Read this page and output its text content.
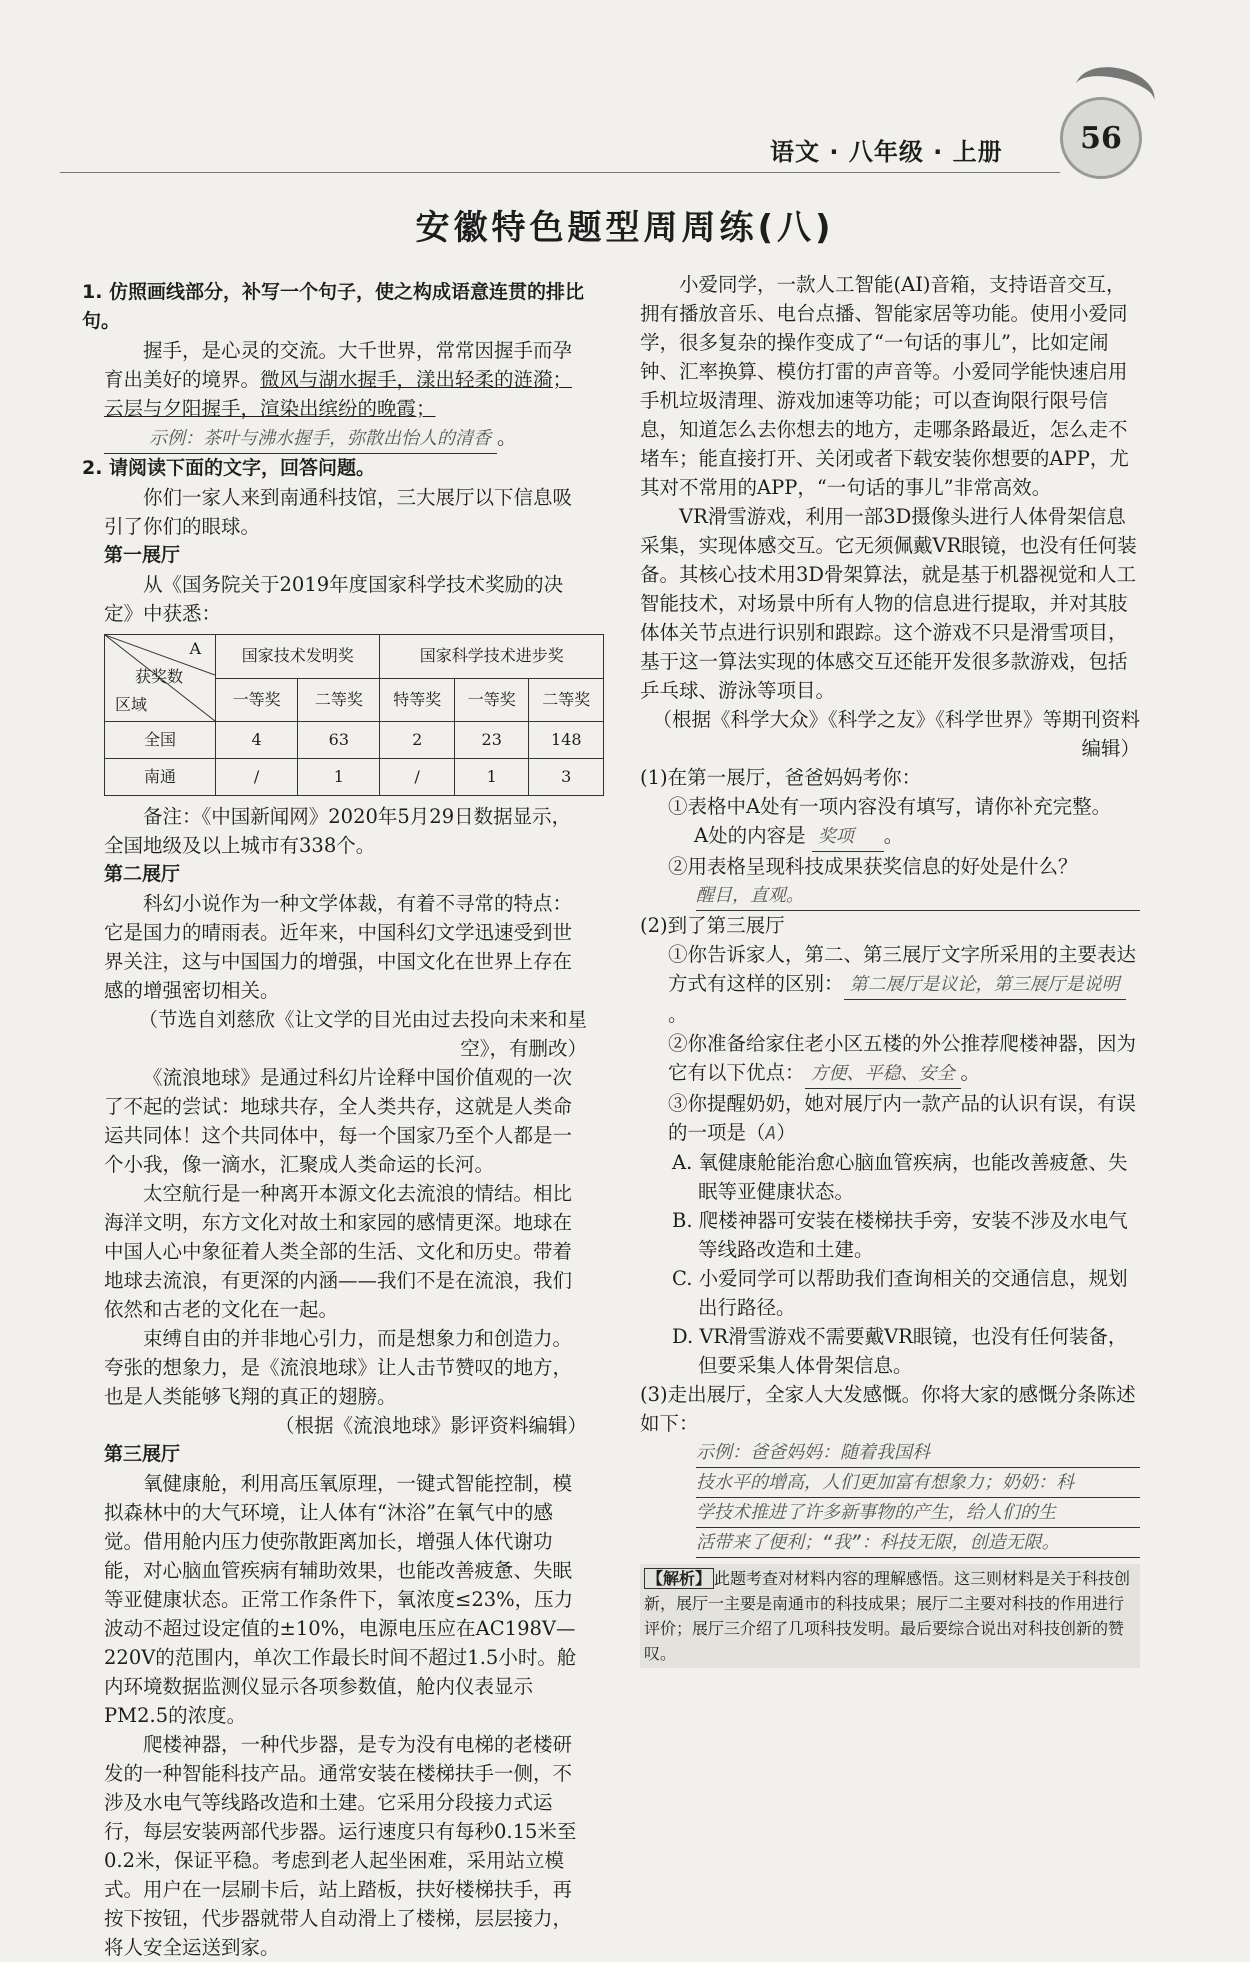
56
语文 · 八年级 · 上册
安徽特色题型周周练(八)

1. 仿照画线部分，补写一个句子，使之构成语意连贯的排比句。

握手，是心灵的交流。大千世界，常常因握手而孕育出美好的境界。微风与湖水握手，漾出轻柔的涟漪；云层与夕阳握手，渲染出缤纷的晚霞；示例：茶叶与沸水握手，弥散出怡人的清香 。

2. 请阅读下面的文字，回答问题。

你们一家人来到南通科技馆，三大展厅以下信息吸引了你们的眼球。

第一展厅

从《国务院关于2019年度国家科学技术奖励的决定》中获悉：

A
获奖数
区域	国家技术发明奖		国家科学技术进步奖		
	一等奖	二等奖	特等奖	一等奖	二等奖
全国	4	63	2	23	148
南通	/	1	/	1	3

备注：《中国新闻网》2020年5月29日数据显示，全国地级及以上城市有338个。

第二展厅

科幻小说作为一种文学体裁，有着不寻常的特点：它是国力的晴雨表。近年来，中国科幻文学迅速受到世界关注，这与中国国力的增强，中国文化在世界上存在感的增强密切相关。

（节选自刘慈欣《让文学的目光由过去投向未来和星空》，有删改）

《流浪地球》是通过科幻片诠释中国价值观的一次了不起的尝试：地球共存，全人类共存，这就是人类命运共同体！这个共同体中，每一个国家乃至个人都是一个小我，像一滴水，汇聚成人类命运的长河。

太空航行是一种离开本源文化去流浪的情结。相比海洋文明，东方文化对故土和家园的感情更深。地球在中国人心中象征着人类全部的生活、文化和历史。带着地球去流浪，有更深的内涵——我们不是在流浪，我们依然和古老的文化在一起。

束缚自由的并非地心引力，而是想象力和创造力。夸张的想象力，是《流浪地球》让人击节赞叹的地方，也是人类能够飞翔的真正的翅膀。

（根据《流浪地球》影评资料编辑）

第三展厅

氧健康舱，利用高压氧原理，一键式智能控制，模拟森林中的大气环境，让人体有“沐浴”在氧气中的感觉。借用舱内压力使弥散距离加长，增强人体代谢功能，对心脑血管疾病有辅助效果，也能改善疲惫、失眠等亚健康状态。正常工作条件下，氧浓度≤23%，压力波动不超过设定值的±10%，电源电压应在AC198V—220V的范围内，单次工作最长时间不超过1.5小时。舱内环境数据监测仪显示各项参数值，舱内仪表显示PM2.5的浓度。

爬楼神器，一种代步器，是专为没有电梯的老楼研发的一种智能科技产品。通常安装在楼梯扶手一侧，不涉及水电气等线路改造和土建。它采用分段接力式运行，每层安装两部代步器。运行速度只有每秒0.15米至0.2米，保证平稳。考虑到老人起坐困难，采用站立模式。用户在一层刷卡后，站上踏板，扶好楼梯扶手，再按下按钮，代步器就带人自动滑上了楼梯，层层接力，将人安全运送到家。

小爱同学，一款人工智能(AI)音箱，支持语音交互，拥有播放音乐、电台点播、智能家居等功能。使用小爱同学，很多复杂的操作变成了“一句话的事儿”，比如定闹钟、汇率换算、模仿打雷的声音等。小爱同学能快速启用手机垃圾清理、游戏加速等功能；可以查询限行限号信息，知道怎么去你想去的地方，走哪条路最近，怎么走不堵车；能直接打开、关闭或者下载安装你想要的APP，尤其对不常用的APP，“一句话的事儿”非常高效。

VR滑雪游戏，利用一部3D摄像头进行人体骨架信息采集，实现体感交互。它无须佩戴VR眼镜，也没有任何装备。其核心技术用3D骨架算法，就是基于机器视觉和人工智能技术，对场景中所有人物的信息进行提取，并对其肢体体关节点进行识别和跟踪。这个游戏不只是滑雪项目，基于这一算法实现的体感交互还能开发很多款游戏，包括乒乓球、游泳等项目。

（根据《科学大众》《科学之友》《科学世界》等期刊资料编辑）

(1)在第一展厅，爸爸妈妈考你：

①表格中A处有一项内容没有填写，请你补充完整。

A处的内容是 奖项 。

②用表格呈现科技成果获奖信息的好处是什么？

醒目，直观。

(2)到了第三展厅

①你告诉家人，第二、第三展厅文字所采用的主要表达方式有这样的区别： 第二展厅是议论，第三展厅是说明。

②你准备给家住老小区五楼的外公推荐爬楼神器，因为它有以下优点： 方便、平稳、安全 。

③你提醒奶奶，她对展厅内一款产品的认识有误，有误的一项是（A）

A. 氧健康舱能治愈心脑血管疾病，也能改善疲惫、失眠等亚健康状态。

B. 爬楼神器可安装在楼梯扶手旁，安装不涉及水电气等线路改造和土建。

C. 小爱同学可以帮助我们查询相关的交通信息，规划出行路径。

D. VR滑雪游戏不需要戴VR眼镜，也没有任何装备，但要采集人体骨架信息。

(3)走出展厅，全家人大发感慨。你将大家的感慨分条陈述如下：

示例：爸爸妈妈：随着我国科
技水平的增高，人们更加富有想象力；奶奶：科
学技术推进了许多新事物的产生，给人们的生
活带来了便利；“我”：科技无限，创造无限。
【解析】 此题考查对材料内容的理解感悟。这三则材料是关于科技创新，展厅一主要是南通市的科技成果；展厅二主要对科技的作用进行评价；展厅三介绍了几项科技发明。最后要综合说出对科技创新的赞叹。
